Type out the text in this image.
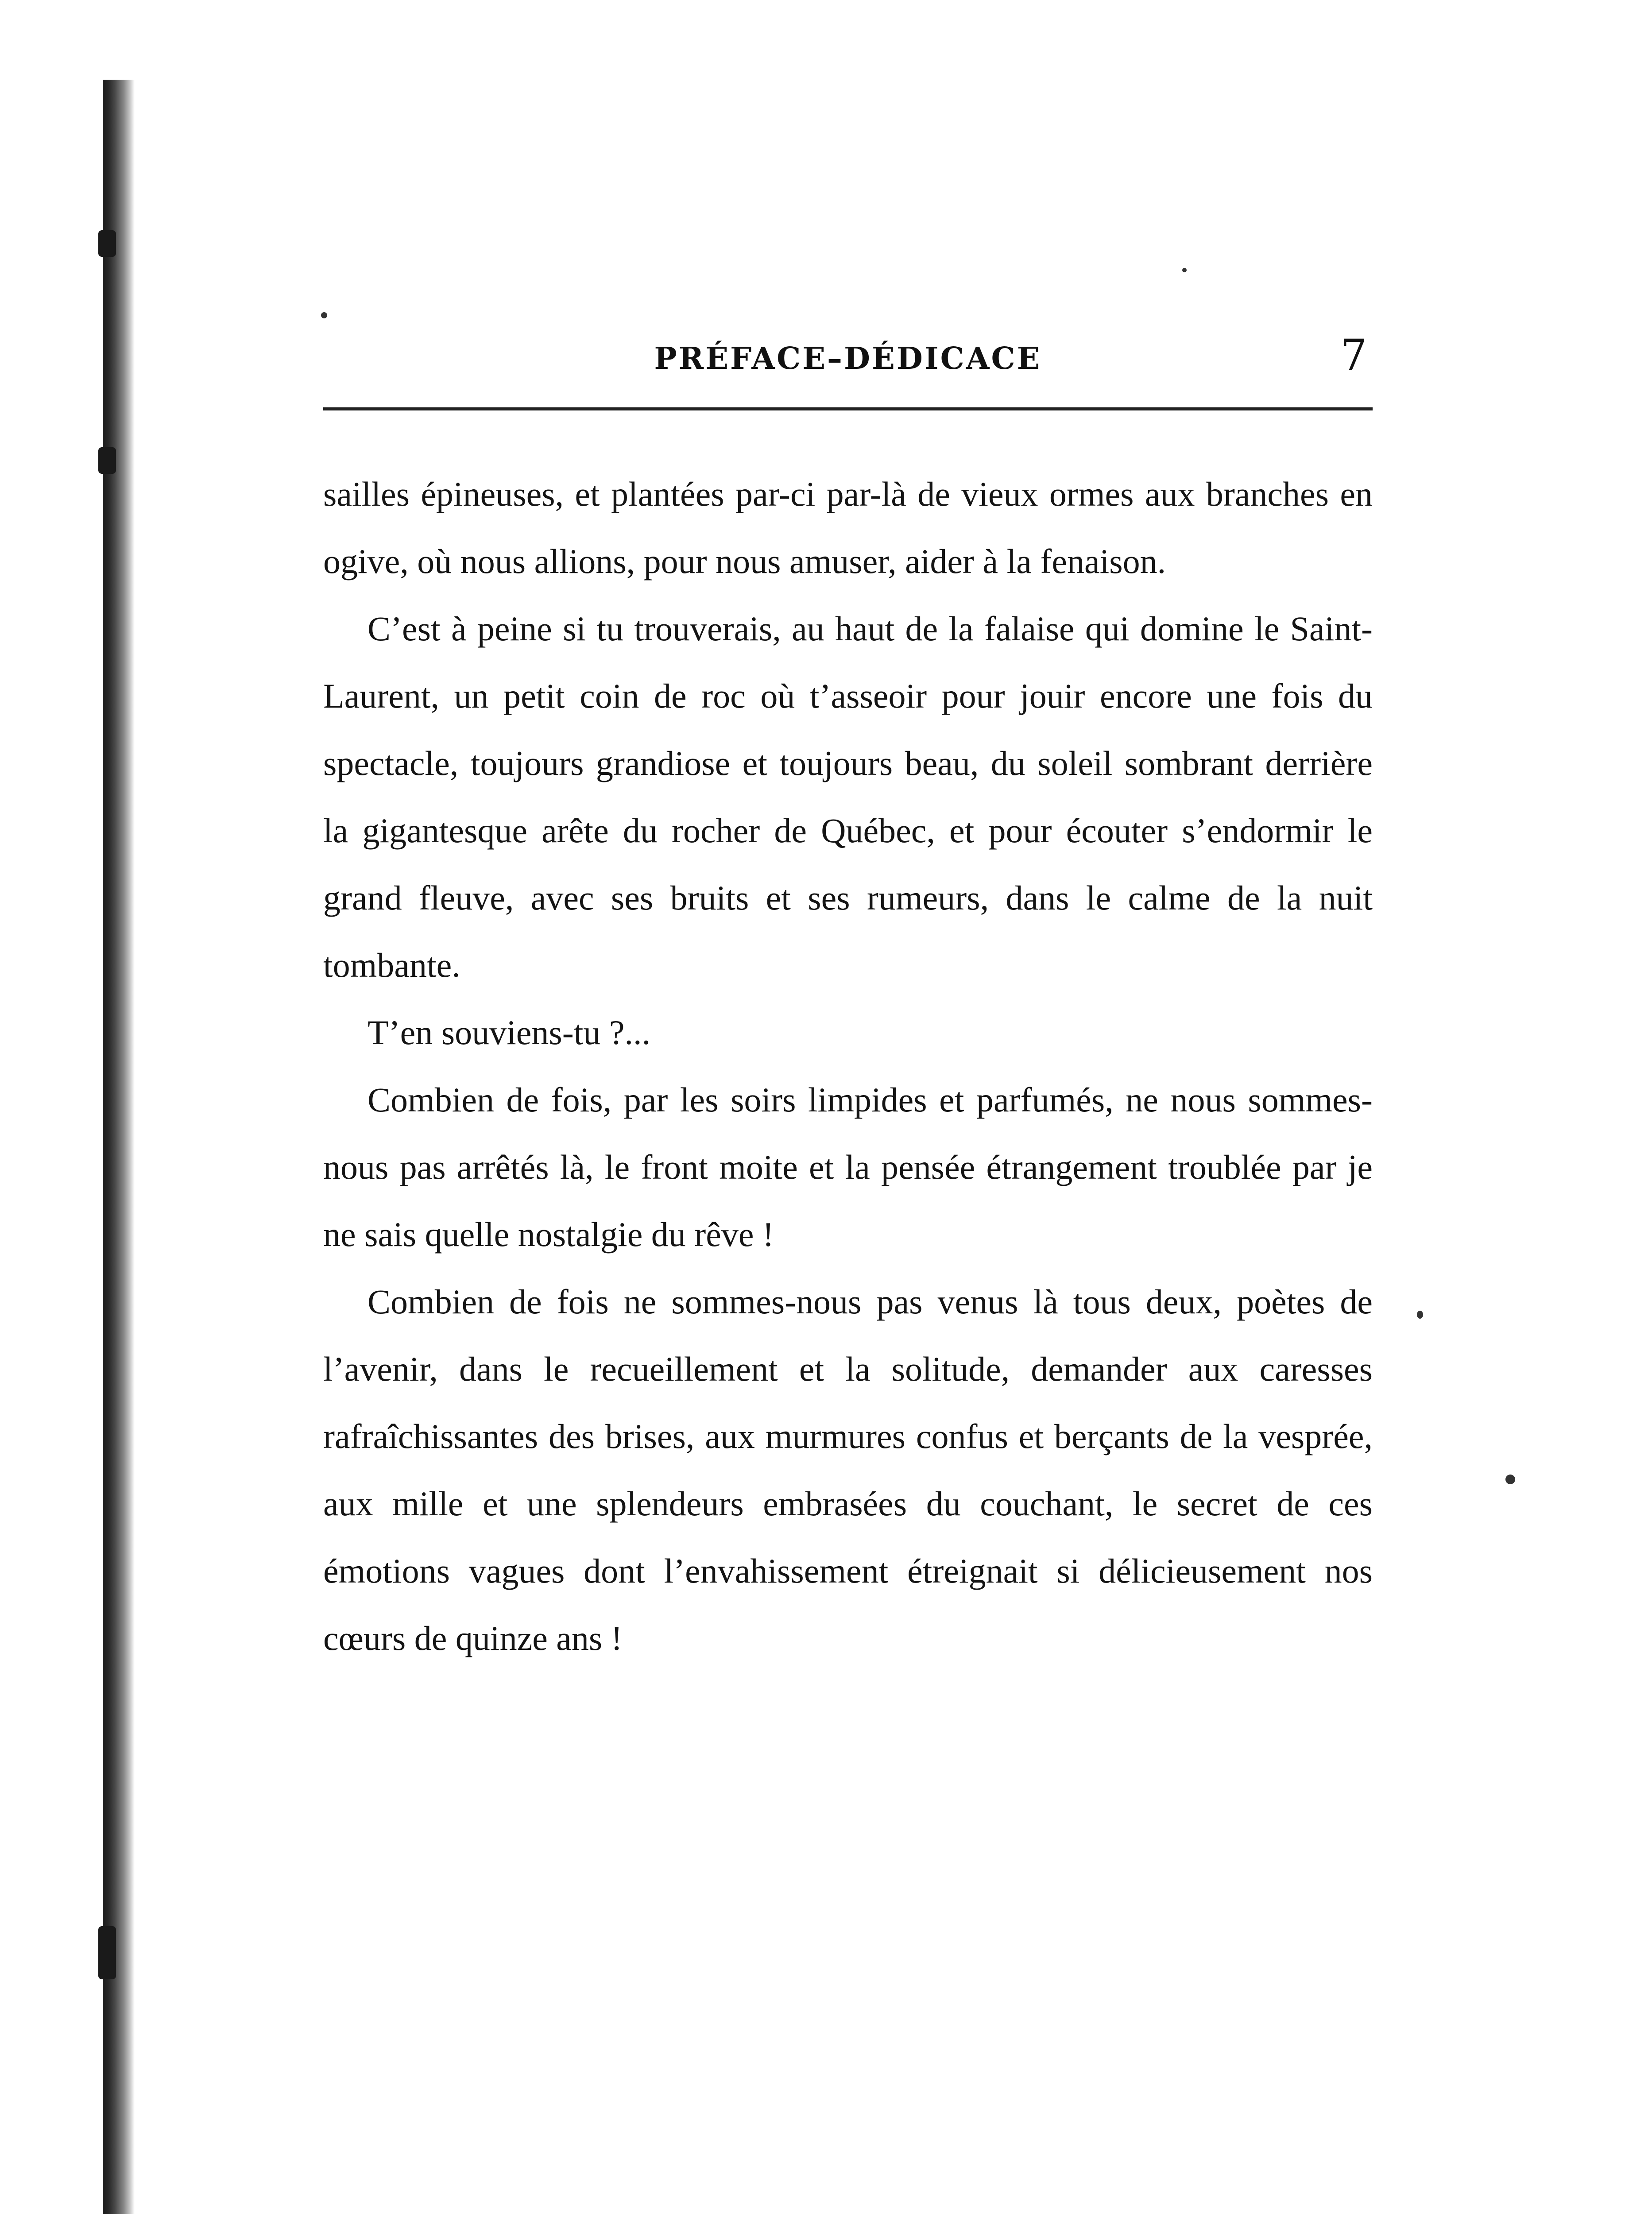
PRÉFACE–DÉDICACE	7

sailles épineuses, et plantées par-ci par-là de vieux ormes aux branches en ogive, où nous allions, pour nous amuser, aider à la fenaison.

C’est à peine si tu trouverais, au haut de la falaise qui domine le Saint-Laurent, un petit coin de roc où t’asseoir pour jouir encore une fois du spectacle, toujours grandiose et toujours beau, du soleil sombrant derrière la gigantesque arête du rocher de Québec, et pour écouter s’endormir le grand fleuve, avec ses bruits et ses rumeurs, dans le calme de la nuit tombante.

T’en souviens-tu ?...

Combien de fois, par les soirs limpides et parfumés, ne nous sommes-nous pas arrêtés là, le front moite et la pensée étrangement troublée par je ne sais quelle nostalgie du rêve !

Combien de fois ne sommes-nous pas venus là tous deux, poètes de l’avenir, dans le recueillement et la solitude, demander aux caresses rafraîchissantes des brises, aux murmures confus et berçants de la vesprée, aux mille et une splendeurs embrasées du couchant, le secret de ces émotions vagues dont l’envahissement étreignait si délicieusement nos cœurs de quinze ans !
